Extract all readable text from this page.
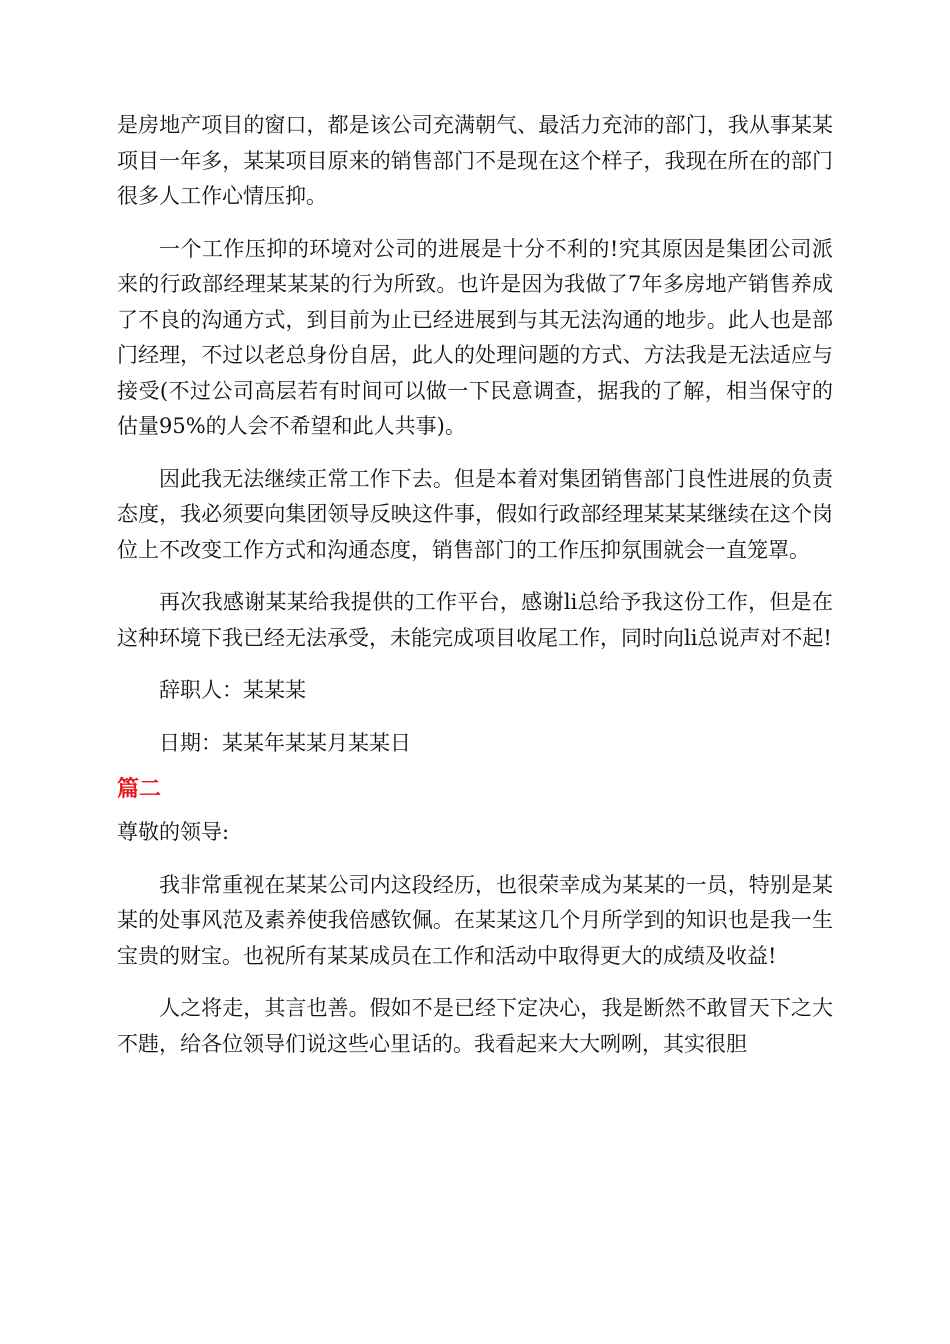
是房地产项目的窗口，都是该公司充满朝气、最活力充沛的部门，我从事某某项目一年多，某某项目原来的销售部门不是现在这个样子，我现在所在的部门很多人工作心情压抑。

一个工作压抑的环境对公司的进展是十分不利的!究其原因是集团公司派来的行政部经理某某某的行为所致。也许是因为我做了7年多房地产销售养成了不良的沟通方式，到目前为止已经进展到与其无法沟通的地步。此人也是部门经理，不过以老总身份自居，此人的处理问题的方式、方法我是无法适应与接受(不过公司高层若有时间可以做一下民意调查，据我的了解，相当保守的估量95%的人会不希望和此人共事)。

因此我无法继续正常工作下去。但是本着对集团销售部门良性进展的负责态度，我必须要向集团领导反映这件事，假如行政部经理某某某继续在这个岗位上不改变工作方式和沟通态度，销售部门的工作压抑氛围就会一直笼罩。

再次我感谢某某给我提供的工作平台，感谢li总给予我这份工作，但是在这种环境下我已经无法承受，未能完成项目收尾工作，同时向li总说声对不起!

辞职人：某某某

日期：某某年某某月某某日

篇二

尊敬的领导:

我非常重视在某某公司内这段经历，也很荣幸成为某某的一员，特别是某某的处事风范及素养使我倍感钦佩。在某某这几个月所学到的知识也是我一生宝贵的财宝。也祝所有某某成员在工作和活动中取得更大的成绩及收益!

人之将走，其言也善。假如不是已经下定决心，我是断然不敢冒天下之大不韪，给各位领导们说这些心里话的。我看起来大大咧咧，其实很胆
